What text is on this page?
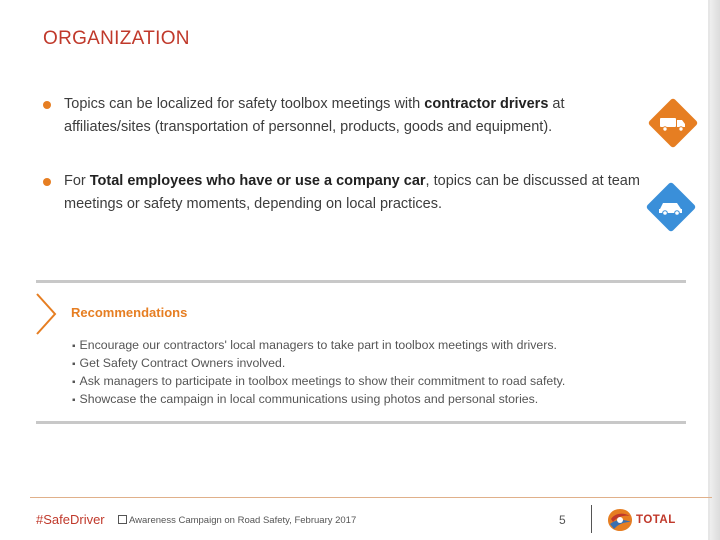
ORGANIZATION
Topics can be localized for safety toolbox meetings with contractor drivers at affiliates/sites (transportation of personnel, products, goods and equipment).
For Total employees who have or use a company car, topics can be discussed at team meetings or safety moments, depending on local practices.
Recommendations
▪ Encourage our contractors' local managers to take part in toolbox meetings with drivers.
▪ Get Safety Contract Owners involved.
▪ Ask managers to participate in toolbox meetings to show their commitment to road safety.
▪ Showcase the campaign in local communications using photos and personal stories.
#SafeDriver	Awareness Campaign on Road Safety, February 2017	5	TOTAL
